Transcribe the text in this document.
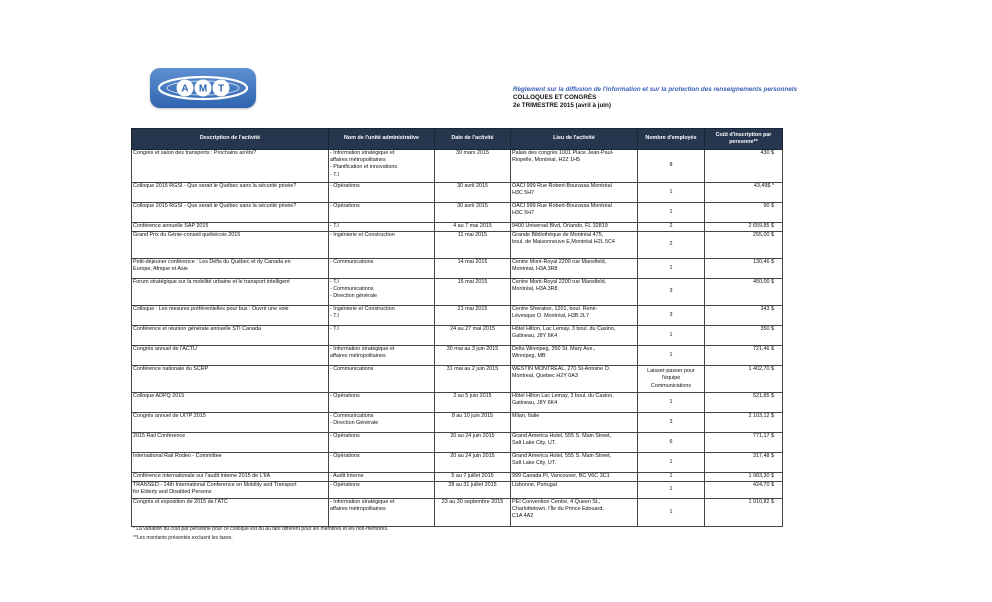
A M T	Règlement sur la diffusion de l'information et sur la protection des renseignements personnels
COLLOQUES ET CONGRÈS
2e TRIMESTRE 2015 (avril à juin)
Description de l'activité	Nom de l'unité administrative	Date de l'activité	Lieu de l'activité	Nombre d'employés	Coût d'inscription par personne**
Congrès et salon des transports : Prochains arrêts?	- Information stratégique et
affaires métropolitaines
- Planification et innovations
- T.I	30 mars 2015	Palais des congrès 1001 Place Jean-Paul-
Riopelle, Montréal, H2Z 1H5	8	430 $
Colloque 2015 RGSI - Que serait le Québec sans la sécurité privée?	- Opérations	30 avril 2015	OACI 999 Rue Robert-Bourassa Montréal
H3C 5H7	1	43,49$ *
Colloque 2015 RGSI - Que serait le Québec sans la sécurité privée?	- Opérations	30 avril 2015	OACI 999 Rue Robert-Bourassa Montréal
H3C 5H7	1	90 $
Conférence annuelle SAP 2015	- T.I	4 au 7 mai 2015	9400 Universal Blvd, Orlando, FL 32819	2	2 659,85 $
Grand Prix du Génie-conseil québécois 2015	- Ingénierie et Construction	11 mai 2015	Grande Bibliothèque de Montréal 475,
boul. de Maisonneuve E,Montréal H2L 5C4	2	255,00 $
Petit-déjeuner conférence : Les Défis du Québec et dy Canada en
Europe, Afrique et Asie	- Communications	14 mai 2015	Centre Mont-Royal 2200 rue Mansfield,
Montréal, H3A 3R8	1	130,46 $
Forum stratégique sur la mobilité urbaine et le transport intelligent	- T.I
- Communications
- Direction générale	15 mai 2015	Centre Mont-Royal 2200 rue Mansfield,
Montréal, H3A 3R8	3	450,00 $
Colloque : Les mesures préférentielles pour bus : Ouvrir une voie	- Ingénierie et Construction
- T.I	21 mai 2015	Centre Sheraton, 1201, boul. René-
Lévesque O. Montréal, H3B 2L7	3	343 $
Conférence et réunion générale annuelle STI Canada	- T.I	24 au 27 mai 2015	Hôtel Hilton, Lac Lemay, 3 boul. du Casino,
Gatineau, J8Y 6K4	1	350 $
Congrès annuel de l'ACTU	- Information stratégique et
affaires métropolitaines	30 mai au 3 juin 2015	Delta Winnipeg, 350 St. Mary Ave.,
Winnipeg, MB	1	721,46 $
Conférence nationale du SCRP	- Communications	31 mai au 2 juin 2015	WESTIN MONTRÉAL, 270 St-Antoine O.
Montreal, Quebec H2Y 0A3	Laisser-passer pour
l'équipe
Communications	1 402,70 $
Colloque ADPQ 2015	- Opérations	2 au 5 juin 2015	Hôtel Hilton Lac Lemay, 3 boul. du Casino,
Gatineau, J8Y 6K4	1	521,85 $
Congrès annuel de UITP 2015	- Communications
- Direction Générale	8 au 10 juin 2015	Milan, Italie	3	2 103,12 $
2015 Rail Conference	- Opérations	20 au 24 juin 2015	Grand America Hotel, 555 S. Main Street,
Salt Lake City, UT.	6	771,17 $
International Rail Rodeo - Committee	- Opérations	20 au 24 juin 2015	Grand America Hotel, 555 S. Main Street,
Salt Lake City, UT.	1	317,48 $
Conférence internationale sur l'audit interne 2015 de L'IIA	- Audit Interne	5 au 7 juillet 2015	999 Canada Pl, Vancouver, BC V6C 3C1	1	1 983,30 $
TRANSED - 14th International Conference on Mobility and Transport
for Elderly and Disabled Persons	- Opérations	28 au 31 juillet 2015	Lisbonne, Portugal	1	424,70 $
Congrès et exposition de 2015 de l'ATC	- Information stratégique et
affaires métropolitaines	23 au 30 septembre 2015	PEI Convention Centre, 4 Queen St.,
Charlottetown, l'Île du Prince Edouard,
C1A 4A2	1	1 010,82 $
* La variation du coût par personne pour ce colloque est dû au tarif différent pour les membres et les non-membres.
**Les montants présentés excluent les taxes.
